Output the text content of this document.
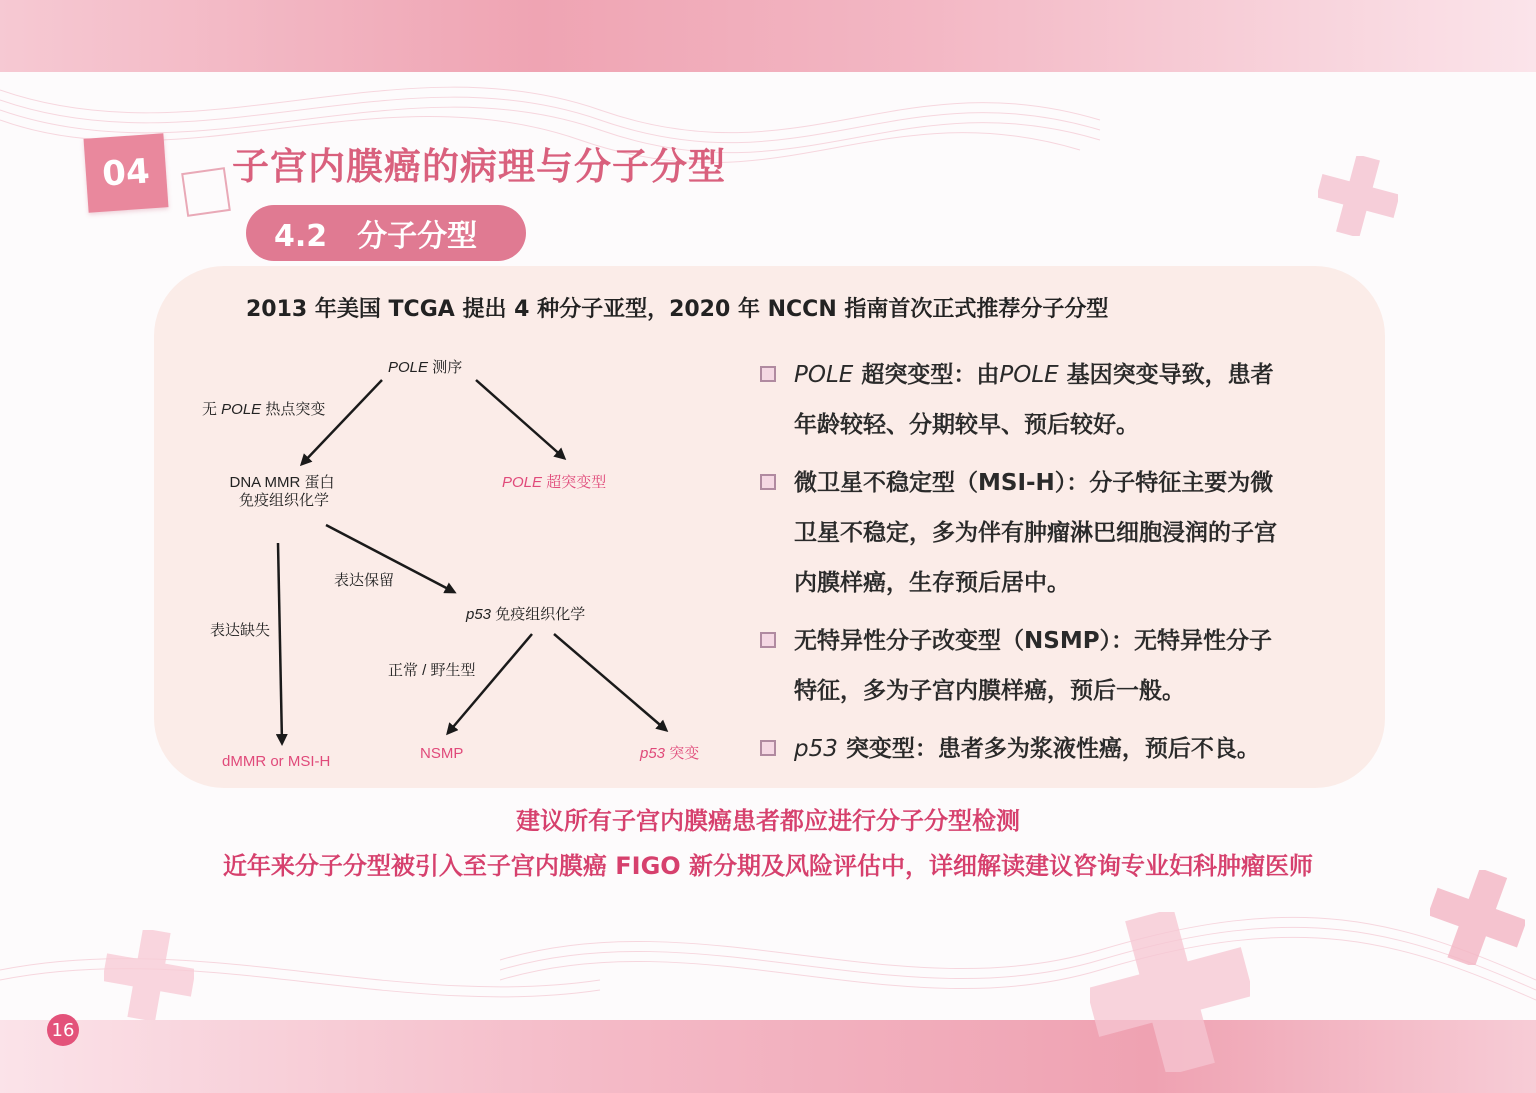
04	子宫内膜癌的病理与分子分型
4.2　分子分型
2013 年美国 TCGA 提出 4 种分子亚型，2020 年 NCCN 指南首次正式推荐分子分型
POLE 测序
无 POLE 热点突变
DNA MMR 蛋白
免疫组织化学
POLE 超突变型
表达保留
p53 免疫组织化学
表达缺失
正常 / 野生型
dMMR or MSI-H	NSMP	p53 突变
POLE 超突变型：由POLE 基因突变导致，患者
年龄较轻、分期较早、预后较好。
微卫星不稳定型（MSI-H）：分子特征主要为微
卫星不稳定，多为伴有肿瘤淋巴细胞浸润的子宫
内膜样癌，生存预后居中。
无特异性分子改变型（NSMP）：无特异性分子
特征，多为子宫内膜样癌，预后一般。
p53 突变型：患者多为浆液性癌，预后不良。
建议所有子宫内膜癌患者都应进行分子分型检测
近年来分子分型被引入至子宫内膜癌 FIGO 新分期及风险评估中，详细解读建议咨询专业妇科肿瘤医师
16
